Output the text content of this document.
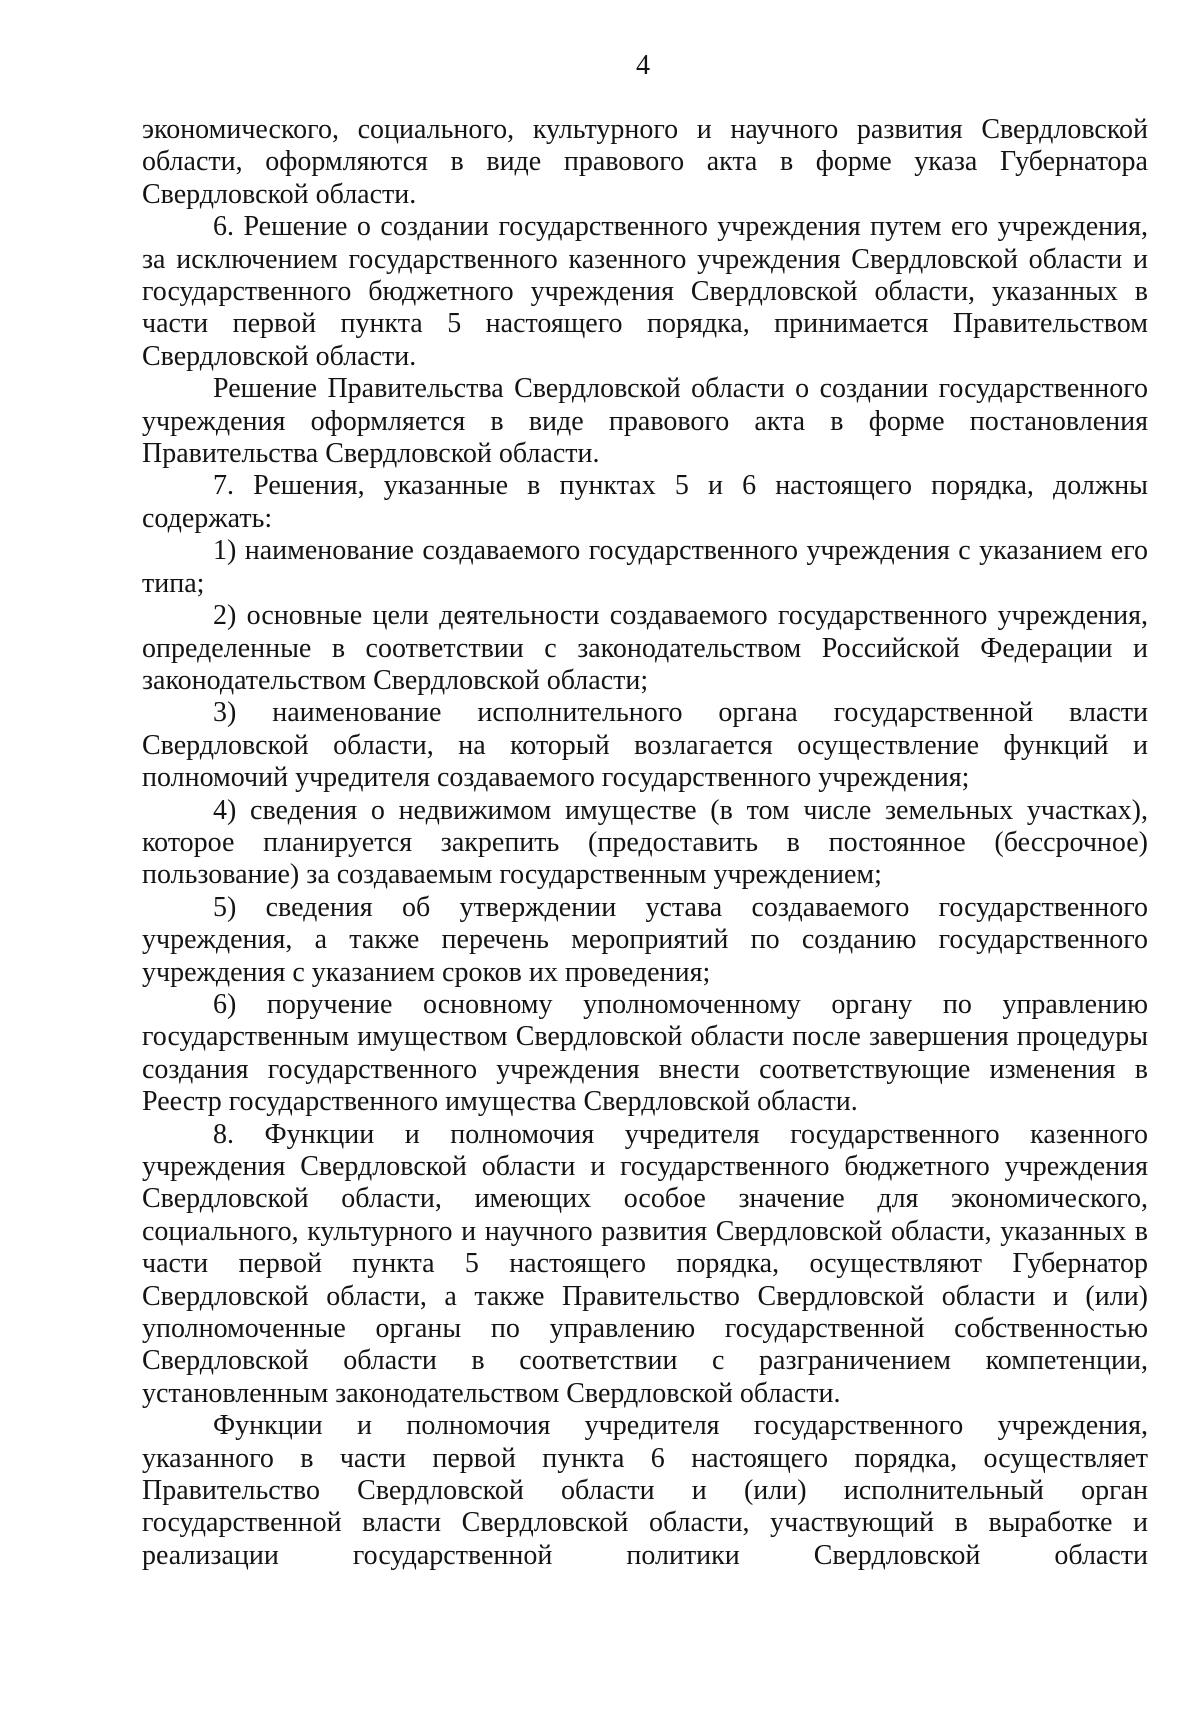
4

экономического, социального, культурного и научного развития Свердловской области, оформляются в виде правового акта в форме указа Губернатора Свердловской области.

6. Решение о создании государственного учреждения путем его учреждения, за исключением государственного казенного учреждения Свердловской области и государственного бюджетного учреждения Свердловской области, указанных в части первой пункта 5 настоящего порядка, принимается Правительством Свердловской области.

Решение Правительства Свердловской области о создании государственного учреждения оформляется в виде правового акта в форме постановления Правительства Свердловской области.

7. Решения, указанные в пунктах 5 и 6 настоящего порядка, должны содержать:

1) наименование создаваемого государственного учреждения с указанием его типа;

2) основные цели деятельности создаваемого государственного учреждения, определенные в соответствии с законодательством Российской Федерации и законодательством Свердловской области;

3) наименование исполнительного органа государственной власти Свердловской области, на который возлагается осуществление функций и полномочий учредителя создаваемого государственного учреждения;

4) сведения о недвижимом имуществе (в том числе земельных участках), которое планируется закрепить (предоставить в постоянное (бессрочное) пользование) за создаваемым государственным учреждением;

5) сведения об утверждении устава создаваемого государственного учреждения, а также перечень мероприятий по созданию государственного учреждения с указанием сроков их проведения;

6) поручение основному уполномоченному органу по управлению государственным имуществом Свердловской области после завершения процедуры создания государственного учреждения внести соответствующие изменения в Реестр государственного имущества Свердловской области.

8. Функции и полномочия учредителя государственного казенного учреждения Свердловской области и государственного бюджетного учреждения Свердловской области, имеющих особое значение для экономического, социального, культурного и научного развития Свердловской области, указанных в части первой пункта 5 настоящего порядка, осуществляют Губернатор Свердловской области, а также Правительство Свердловской области и (или) уполномоченные органы по управлению государственной собственностью Свердловской области в соответствии с разграничением компетенции, установленным законодательством Свердловской области.

Функции и полномочия учредителя государственного учреждения, указанного в части первой пункта 6 настоящего порядка, осуществляет Правительство Свердловской области и (или) исполнительный орган государственной власти Свердловской области, участвующий в выработке и реализации государственной политики Свердловской области
